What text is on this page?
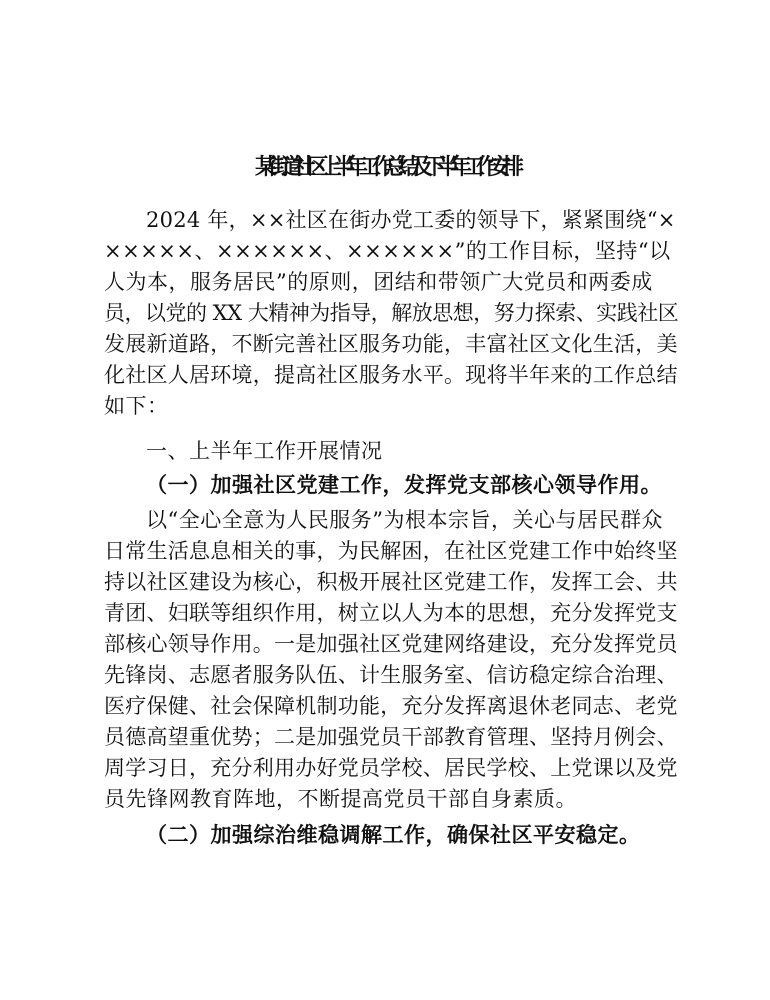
某街道社区上半年工作总结及下半年工作安排
2024 年，××社区在街办党工委的领导下，紧紧围绕“×
×××××、××××××、××××××”的工作目标，坚持“以
人为本，服务居民”的原则，团结和带领广大党员和两委成
员，以党的 XX 大精神为指导，解放思想，努力探索、实践社区
发展新道路，不断完善社区服务功能，丰富社区文化生活，美
化社区人居环境，提高社区服务水平。现将半年来的工作总结
如下：
一、上半年工作开展情况
（一）加强社区党建工作，发挥党支部核心领导作用。
以“全心全意为人民服务”为根本宗旨，关心与居民群众
日常生活息息相关的事，为民解困，在社区党建工作中始终坚
持以社区建设为核心，积极开展社区党建工作，发挥工会、共
青团、妇联等组织作用，树立以人为本的思想，充分发挥党支
部核心领导作用。一是加强社区党建网络建设，充分发挥党员
先锋岗、志愿者服务队伍、计生服务室、信访稳定综合治理、
医疗保健、社会保障机制功能，充分发挥离退休老同志、老党
员德高望重优势；二是加强党员干部教育管理、坚持月例会、
周学习日，充分利用办好党员学校、居民学校、上党课以及党
员先锋网教育阵地，不断提高党员干部自身素质。
（二）加强综治维稳调解工作，确保社区平安稳定。
